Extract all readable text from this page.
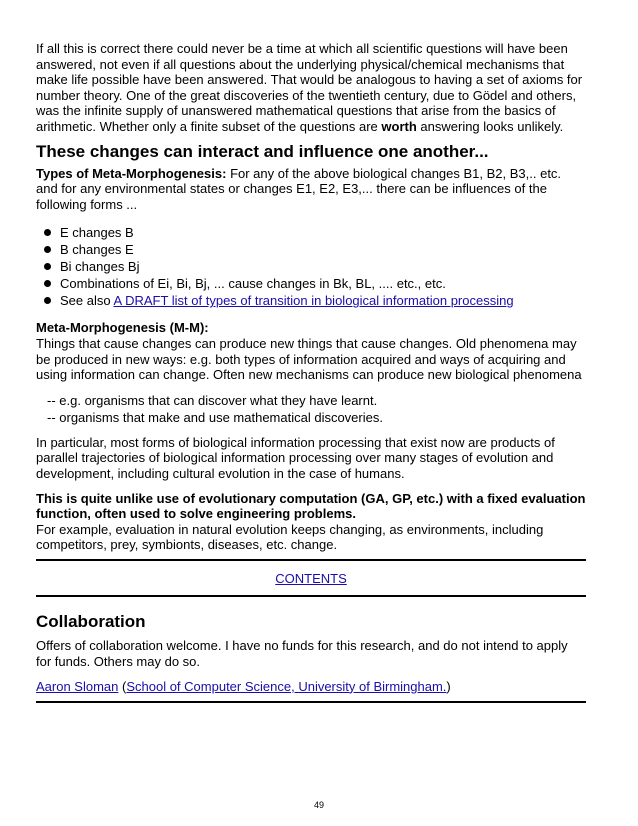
If all this is correct there could never be a time at which all scientific questions will have been answered, not even if all questions about the underlying physical/chemical mechanisms that make life possible have been answered. That would be analogous to having a set of axioms for number theory. One of the great discoveries of the twentieth century, due to Gödel and others, was the infinite supply of unanswered mathematical questions that arise from the basics of arithmetic. Whether only a finite subset of the questions are worth answering looks unlikely.

These changes can interact and influence one another...

Types of Meta-Morphogenesis: For any of the above biological changes B1, B2, B3,.. etc. and for any environmental states or changes E1, E2, E3,... there can be influences of the following forms ...

E changes B
B changes E
Bi changes Bj
Combinations of Ei, Bi, Bj, ... cause changes in Bk, BL, .... etc., etc.
See also A DRAFT list of types of transition in biological information processing

Meta-Morphogenesis (M-M):

Things that cause changes can produce new things that cause changes. Old phenomena may be produced in new ways: e.g. both types of information acquired and ways of acquiring and using information can change. Often new mechanisms can produce new biological phenomena

-- e.g. organisms that can discover what they have learnt.
-- organisms that make and use mathematical discoveries.

In particular, most forms of biological information processing that exist now are products of parallel trajectories of biological information processing over many stages of evolution and development, including cultural evolution in the case of humans.

This is quite unlike use of evolutionary computation (GA, GP, etc.) with a fixed evaluation function, often used to solve engineering problems.

For example, evaluation in natural evolution keeps changing, as environments, including competitors, prey, symbionts, diseases, etc. change.

CONTENTS

Collaboration

Offers of collaboration welcome. I have no funds for this research, and do not intend to apply for funds. Others may do so.

Aaron Sloman (School of Computer Science, University of Birmingham.)

49
